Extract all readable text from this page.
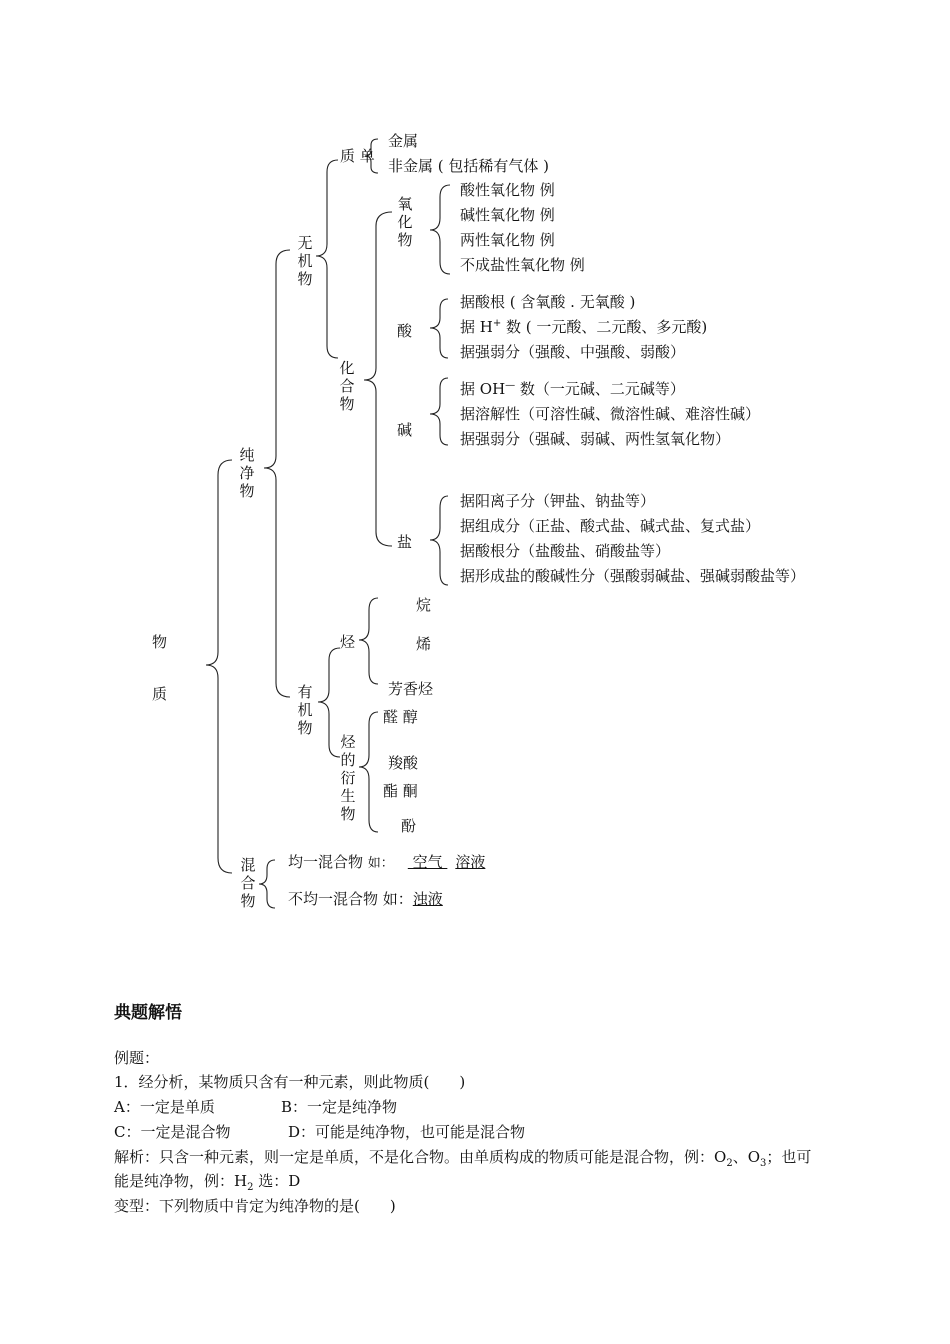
物
质
纯净物
无机物
质 单
金属
非金属 ( 包括稀有气体 )
化合物
氧化物
酸性氧化物 例
碱性氧化物 例
两性氧化物 例
不成盐性氧化物 例
酸
据酸根 ( 含氧酸 . 无氧酸 )
据 H+ 数 ( 一元酸、二元酸、多元酸)
据强弱分（强酸、中强酸、弱酸）
碱
据 OH— 数（一元碱、二元碱等）
据溶解性（可溶性碱、微溶性碱、难溶性碱）
据强弱分（强碱、弱碱、两性氢氧化物）
盐
据阳离子分（钾盐、钠盐等）
据组成分（正盐、酸式盐、碱式盐、复式盐）
据酸根分（盐酸盐、硝酸盐等）
据形成盐的酸碱性分（强酸弱碱盐、强碱弱酸盐等）
有机物
烃
烷
烯
芳香烃
烃的衍生物
醛 醇
羧酸
酯 酮
酚
混合物
均一混合物 如： 空气 溶液
不均一混合物 如：浊液
典题解悟
例题：
1．经分析，某物质只含有一种元素，则此物质(　　)
A：一定是单质	B：一定是纯净物
C：一定是混合物	D：可能是纯净物，也可能是混合物
解析：只含一种元素，则一定是单质，不是化合物。由单质构成的物质可能是混合物，例：$O_2$、$O_3$；也可
能是纯净物，例：$H_2$ 选：D
变型：下列物质中肯定为纯净物的是(　　)
